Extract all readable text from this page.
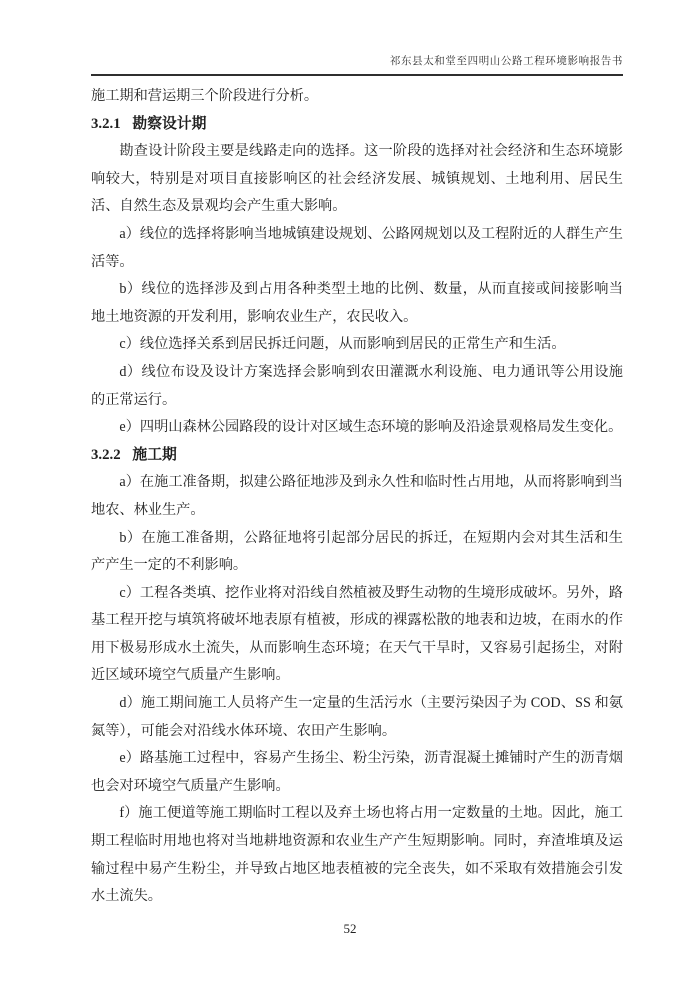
祁东县太和堂至四明山公路工程环境影响报告书

施工期和营运期三个阶段进行分析。

3.2.1 勘察设计期

勘查设计阶段主要是线路走向的选择。这一阶段的选择对社会经济和生态环境影响较大，特别是对项目直接影响区的社会经济发展、城镇规划、土地利用、居民生活、自然生态及景观均会产生重大影响。

a）线位的选择将影响当地城镇建设规划、公路网规划以及工程附近的人群生产生活等。

b）线位的选择涉及到占用各种类型土地的比例、数量，从而直接或间接影响当地土地资源的开发利用，影响农业生产，农民收入。

c）线位选择关系到居民拆迁问题，从而影响到居民的正常生产和生活。

d）线位布设及设计方案选择会影响到农田灌溉水利设施、电力通讯等公用设施的正常运行。

e）四明山森林公园路段的设计对区域生态环境的影响及沿途景观格局发生变化。

3.2.2 施工期

a）在施工准备期，拟建公路征地涉及到永久性和临时性占用地，从而将影响到当地农、林业生产。

b）在施工准备期，公路征地将引起部分居民的拆迁，在短期内会对其生活和生产产生一定的不利影响。

c）工程各类填、挖作业将对沿线自然植被及野生动物的生境形成破坏。另外，路基工程开挖与填筑将破坏地表原有植被，形成的裸露松散的地表和边坡，在雨水的作用下极易形成水土流失，从而影响生态环境；在天气干旱时，又容易引起扬尘，对附近区域环境空气质量产生影响。

d）施工期间施工人员将产生一定量的生活污水（主要污染因子为 COD、SS 和氨氮等），可能会对沿线水体环境、农田产生影响。

e）路基施工过程中，容易产生扬尘、粉尘污染，沥青混凝土摊铺时产生的沥青烟也会对环境空气质量产生影响。

f）施工便道等施工期临时工程以及弃土场也将占用一定数量的土地。因此，施工期工程临时用地也将对当地耕地资源和农业生产产生短期影响。同时，弃渣堆填及运输过程中易产生粉尘，并导致占地区地表植被的完全丧失，如不采取有效措施会引发水土流失。

52
